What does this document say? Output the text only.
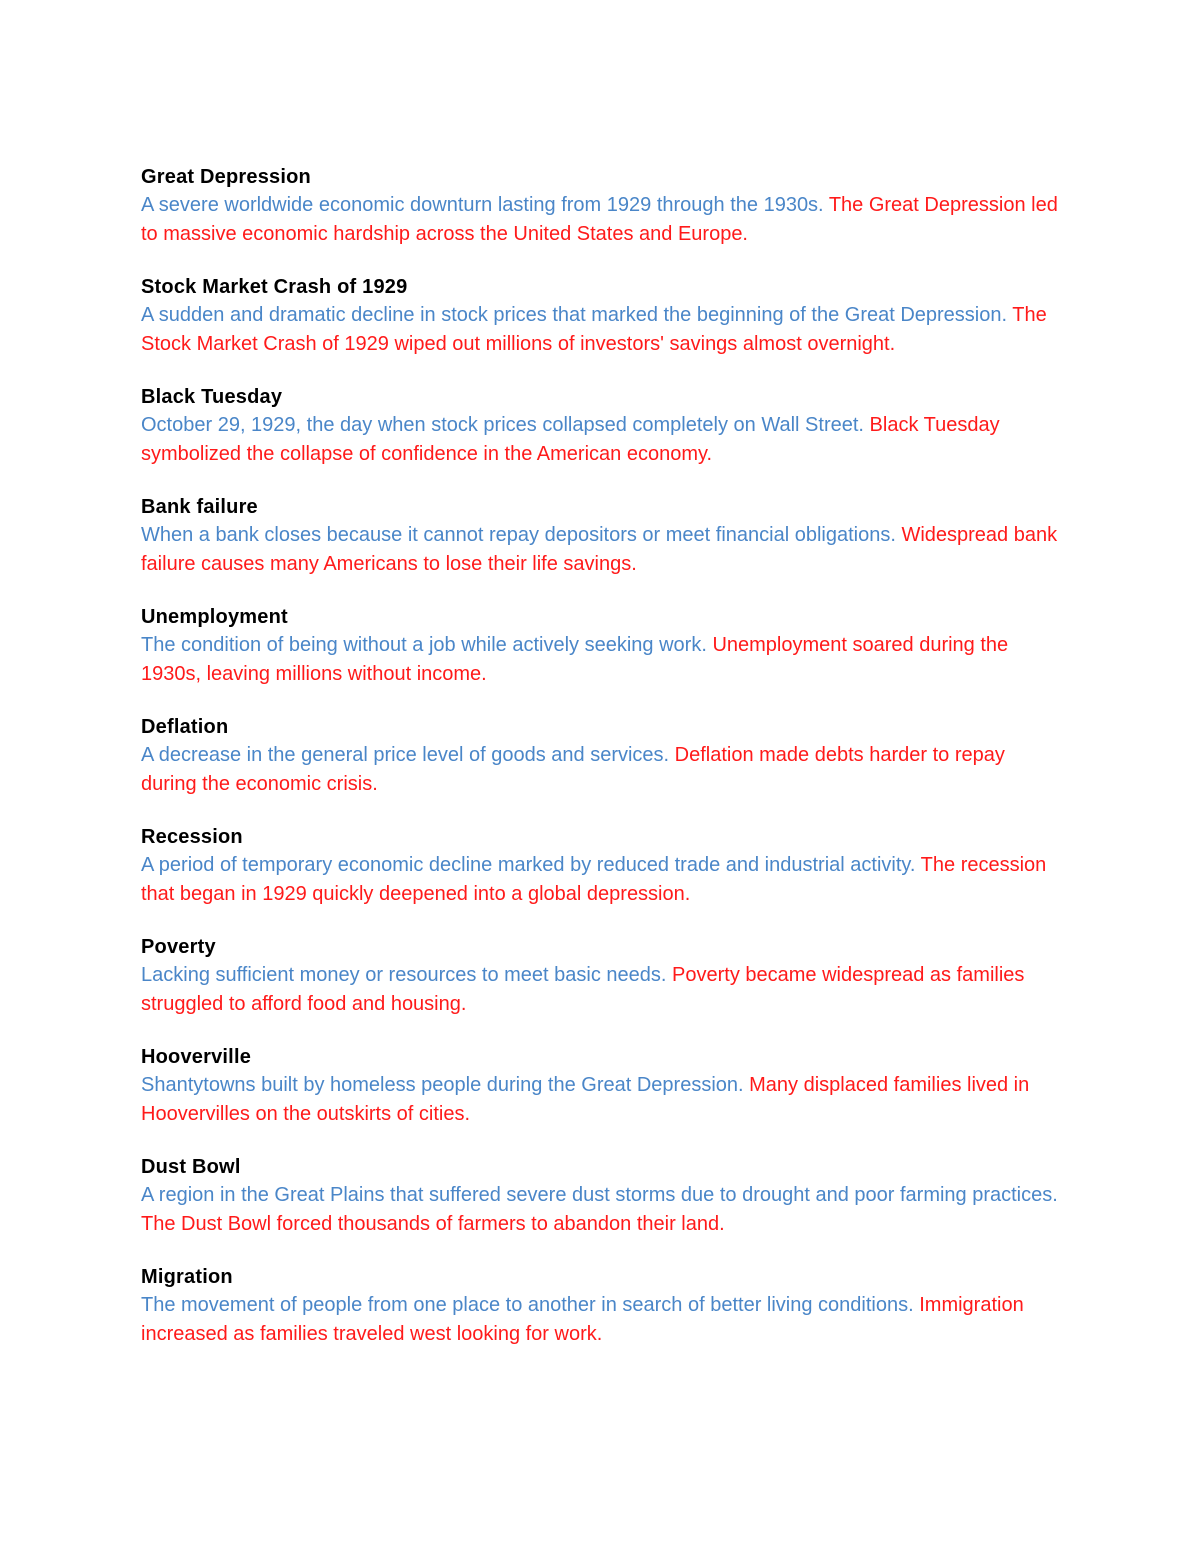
Great Depression

A severe worldwide economic downturn lasting from 1929 through the 1930s. The Great Depression led to massive economic hardship across the United States and Europe.

Stock Market Crash of 1929

A sudden and dramatic decline in stock prices that marked the beginning of the Great Depression. The Stock Market Crash of 1929 wiped out millions of investors' savings almost overnight.

Black Tuesday

October 29, 1929, the day when stock prices collapsed completely on Wall Street. Black Tuesday symbolized the collapse of confidence in the American economy.

Bank failure

When a bank closes because it cannot repay depositors or meet financial obligations. Widespread bank failure causes many Americans to lose their life savings.

Unemployment

The condition of being without a job while actively seeking work. Unemployment soared during the 1930s, leaving millions without income.

Deflation

A decrease in the general price level of goods and services. Deflation made debts harder to repay during the economic crisis.

Recession

A period of temporary economic decline marked by reduced trade and industrial activity. The recession that began in 1929 quickly deepened into a global depression.

Poverty

Lacking sufficient money or resources to meet basic needs. Poverty became widespread as families struggled to afford food and housing.

Hooverville

Shantytowns built by homeless people during the Great Depression. Many displaced families lived in Hoovervilles on the outskirts of cities.

Dust Bowl

A region in the Great Plains that suffered severe dust storms due to drought and poor farming practices. The Dust Bowl forced thousands of farmers to abandon their land.

Migration

The movement of people from one place to another in search of better living conditions. Immigration increased as families traveled west looking for work.
